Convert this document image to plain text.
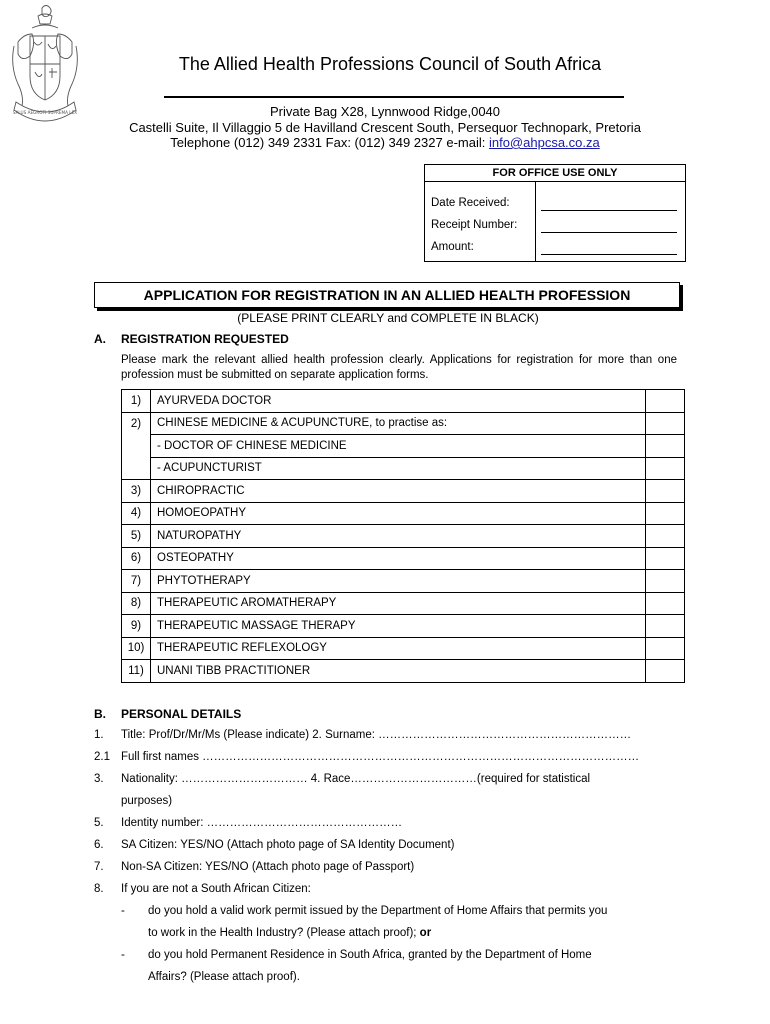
SALUS AEGROTI SUPREMA LEX
The Allied Health Professions Council of South Africa
Private Bag X28, Lynnwood Ridge,0040
Castelli Suite, Il Villaggio 5 de Havilland Crescent South, Persequor Technopark, Pretoria
Telephone (012) 349 2331 Fax: (012) 349 2327 e-mail: info@ahpcsa.co.za
FOR OFFICE USE ONLY
Date Received:
Receipt Number:
Amount:
APPLICATION FOR REGISTRATION IN AN ALLIED HEALTH PROFESSION
(PLEASE PRINT CLEARLY and COMPLETE IN BLACK)
A. REGISTRATION REQUESTED
Please mark the relevant allied health profession clearly. Applications for registration for more than one profession must be submitted on separate application forms.
1)	AYURVEDA DOCTOR	
2)	CHINESE MEDICINE & ACUPUNCTURE, to practise as:	
	- DOCTOR OF CHINESE MEDICINE	
	- ACUPUNCTURIST	
3)	CHIROPRACTIC	
4)	HOMOEOPATHY	
5)	NATUROPATHY	
6)	OSTEOPATHY	
7)	PHYTOTHERAPY	
8)	THERAPEUTIC AROMATHERAPY	
9)	THERAPEUTIC MASSAGE THERAPY	
10)	THERAPEUTIC REFLEXOLOGY	
11)	UNANI TIBB PRACTITIONER	
B. PERSONAL DETAILS
1. Title: Prof/Dr/Mr/Ms (Please indicate) 2. Surname: …………………………………………………………
2.1 Full first names ……………………………………………………………………………………………………
3. Nationality: …………………………… 4. Race……………………………(required for statistical
purposes)
5. Identity number: ……………………………………………
6. SA Citizen: YES/NO (Attach photo page of SA Identity Document)
7. Non-SA Citizen: YES/NO (Attach photo page of Passport)
8. If you are not a South African Citizen:
- do you hold a valid work permit issued by the Department of Home Affairs that permits you
to work in the Health Industry? (Please attach proof); or
- do you hold Permanent Residence in South Africa, granted by the Department of Home
Affairs? (Please attach proof).
